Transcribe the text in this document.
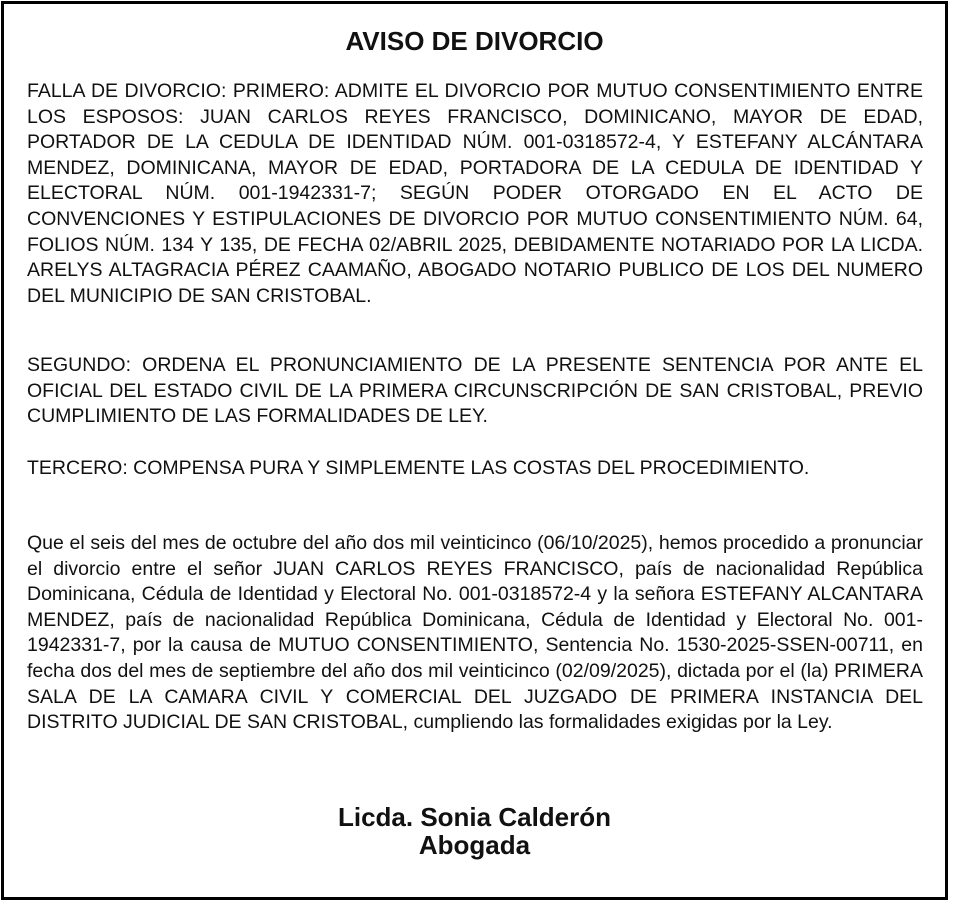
AVISO DE DIVORCIO
FALLA DE DIVORCIO: PRIMERO: ADMITE EL DIVORCIO POR MUTUO CONSENTIMIENTO ENTRE LOS ESPOSOS: JUAN CARLOS REYES FRANCISCO, DOMINICANO, MAYOR DE EDAD, PORTADOR DE LA CEDULA DE IDENTIDAD NÚM. 001-0318572-4, Y ESTEFANY ALCÁNTARA MENDEZ, DOMINICANA, MAYOR DE EDAD, PORTADORA DE LA CEDULA DE IDENTIDAD Y ELECTORAL NÚM. 001-1942331-7; SEGÚN PODER OTORGADO EN EL ACTO DE CONVENCIONES Y ESTIPULACIONES DE DIVORCIO POR MUTUO CONSENTIMIENTO NÚM. 64, FOLIOS NÚM. 134 Y 135, DE FECHA 02/ABRIL 2025, DEBIDAMENTE NOTARIADO POR LA LICDA. ARELYS ALTAGRACIA PÉREZ CAAMAÑO, ABOGADO NOTARIO PUBLICO DE LOS DEL NUMERO DEL MUNICIPIO DE SAN CRISTOBAL.
SEGUNDO: ORDENA EL PRONUNCIAMIENTO DE LA PRESENTE SENTENCIA POR ANTE EL OFICIAL DEL ESTADO CIVIL DE LA PRIMERA CIRCUNSCRIPCIÓN DE SAN CRISTOBAL, PREVIO CUMPLIMIENTO DE LAS FORMALIDADES DE LEY.
TERCERO: COMPENSA PURA Y SIMPLEMENTE LAS COSTAS DEL PROCEDIMIENTO.
Que el seis del mes de octubre del año dos mil veinticinco (06/10/2025), hemos procedido a pronunciar el divorcio entre el señor JUAN CARLOS REYES FRANCISCO, país de nacionalidad República Dominicana, Cédula de Identidad y Electoral No. 001-0318572-4 y la señora ESTEFANY ALCANTARA MENDEZ, país de nacionalidad República Dominicana, Cédula de Identidad y Electoral No. 001-1942331-7, por la causa de MUTUO CONSENTIMIENTO, Sentencia No. 1530-2025-SSEN-00711, en fecha dos del mes de septiembre del año dos mil veinticinco (02/09/2025), dictada por el (la) PRIMERA SALA DE LA CAMARA CIVIL Y COMERCIAL DEL JUZGADO DE PRIMERA INSTANCIA DEL DISTRITO JUDICIAL DE SAN CRISTOBAL, cumpliendo las formalidades exigidas por la Ley.
Licda. Sonia Calderón
Abogada
